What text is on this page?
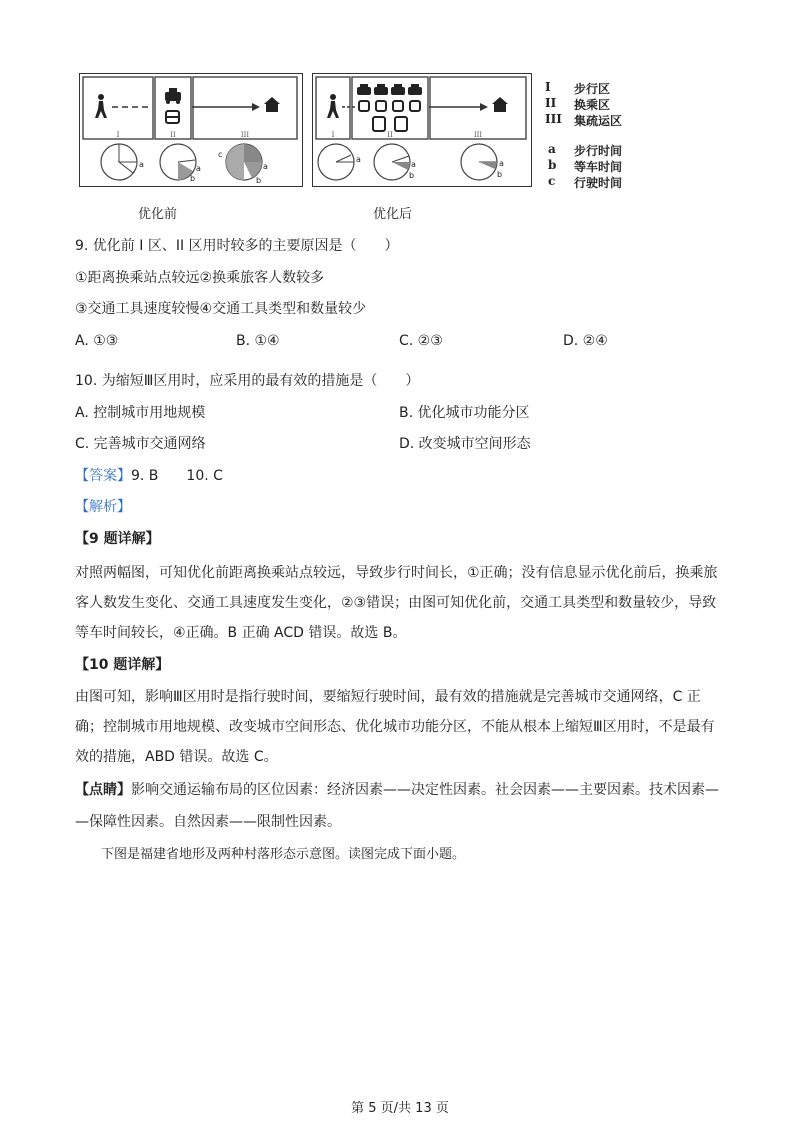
I	II	III	I	II	III
a	a
b
c
a
b
a
a
b
a
b
I 步行区
II 换乘区
III 集疏运区
a 步行时间
b 等车时间
c 行驶时间
优化前	优化后
9. 优化前 I 区、II 区用时较多的主要原因是（　　）
①距离换乘站点较远②换乘旅客人数较多
③交通工具速度较慢④交通工具类型和数量较少
A. ①③	B. ①④	C. ②③	D. ②④
10. 为缩短Ⅲ区用时，应采用的最有效的措施是（　　）
A. 控制城市用地规模	B. 优化城市功能分区
C. 完善城市交通网络	D. 改变城市空间形态
【答案】9. B　　10. C
【解析】
【9 题详解】
对照两幅图，可知优化前距离换乘站点较远，导致步行时间长，①正确；没有信息显示优化前后，换乘旅
客人数发生变化、交通工具速度发生变化，②③错误；由图可知优化前，交通工具类型和数量较少，导致
等车时间较长，④正确。B 正确 ACD 错误。故选 B。
【10 题详解】
由图可知，影响Ⅲ区用时是指行驶时间，要缩短行驶时间，最有效的措施就是完善城市交通网络，C 正
确；控制城市用地规模、改变城市空间形态、优化城市功能分区，不能从根本上缩短Ⅲ区用时，不是最有
效的措施，ABD 错误。故选 C。
【点睛】影响交通运输布局的区位因素：经济因素——决定性因素。社会因素——主要因素。技术因素—
—保障性因素。自然因素——限制性因素。
下图是福建省地形及两种村落形态示意图。读图完成下面小题。
第 5 页/共 13 页
